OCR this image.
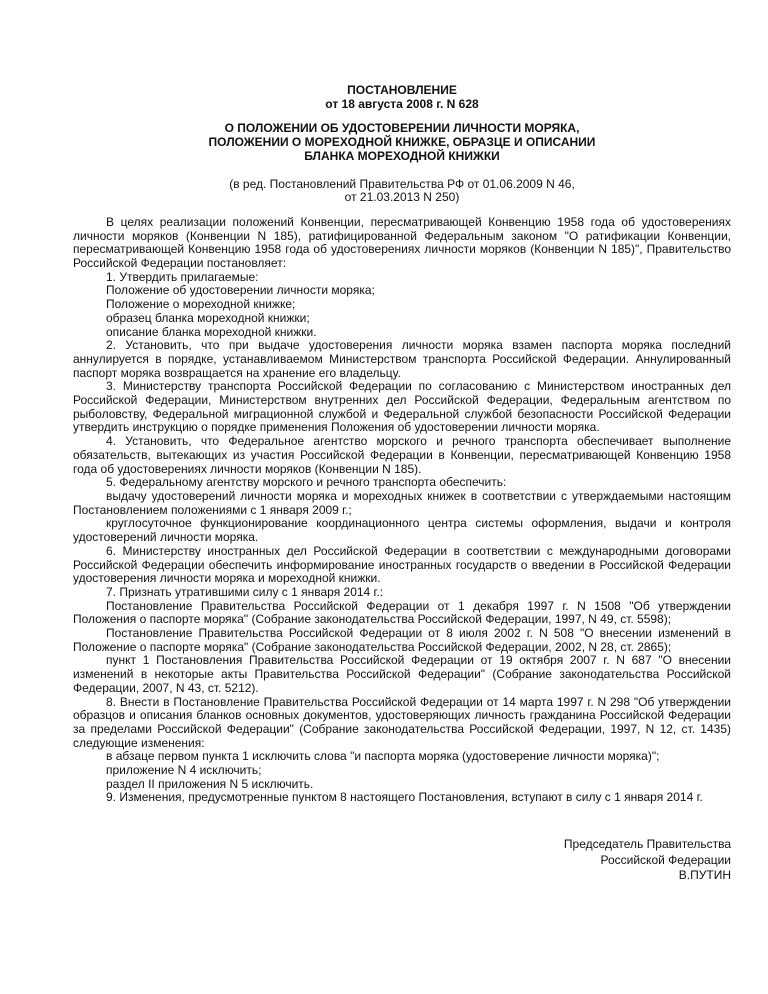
ПОСТАНОВЛЕНИЕ
от 18 августа 2008 г. N 628
О ПОЛОЖЕНИИ ОБ УДОСТОВЕРЕНИИ ЛИЧНОСТИ МОРЯКА,
ПОЛОЖЕНИИ О МОРЕХОДНОЙ КНИЖКЕ, ОБРАЗЦЕ И ОПИСАНИИ
БЛАНКА МОРЕХОДНОЙ КНИЖКИ
(в ред. Постановлений Правительства РФ от 01.06.2009 N 46,
от 21.03.2013 N 250)

В целях реализации положений Конвенции, пересматривающей Конвенцию 1958 года об удостоверениях личности моряков (Конвенции N 185), ратифицированной Федеральным законом "О ратификации Конвенции, пересматривающей Конвенцию 1958 года об удостоверениях личности моряков (Конвенции N 185)", Правительство Российской Федерации постановляет:

1. Утвердить прилагаемые:

Положение об удостоверении личности моряка;

Положение о мореходной книжке;

образец бланка мореходной книжки;

описание бланка мореходной книжки.

2. Установить, что при выдаче удостоверения личности моряка взамен паспорта моряка последний аннулируется в порядке, устанавливаемом Министерством транспорта Российской Федерации. Аннулированный паспорт моряка возвращается на хранение его владельцу.

3. Министерству транспорта Российской Федерации по согласованию с Министерством иностранных дел Российской Федерации, Министерством внутренних дел Российской Федерации, Федеральным агентством по рыболовству, Федеральной миграционной службой и Федеральной службой безопасности Российской Федерации утвердить инструкцию о порядке применения Положения об удостоверении личности моряка.

4. Установить, что Федеральное агентство морского и речного транспорта обеспечивает выполнение обязательств, вытекающих из участия Российской Федерации в Конвенции, пересматривающей Конвенцию 1958 года об удостоверениях личности моряков (Конвенции N 185).

5. Федеральному агентству морского и речного транспорта обеспечить:

выдачу удостоверений личности моряка и мореходных книжек в соответствии с утверждаемыми настоящим Постановлением положениями с 1 января 2009 г.;

круглосуточное функционирование координационного центра системы оформления, выдачи и контроля удостоверений личности моряка.

6. Министерству иностранных дел Российской Федерации в соответствии с международными договорами Российской Федерации обеспечить информирование иностранных государств о введении в Российской Федерации удостоверения личности моряка и мореходной книжки.

7. Признать утратившими силу с 1 января 2014 г.:

Постановление Правительства Российской Федерации от 1 декабря 1997 г. N 1508 "Об утверждении Положения о паспорте моряка" (Собрание законодательства Российской Федерации, 1997, N 49, ст. 5598);

Постановление Правительства Российской Федерации от 8 июля 2002 г. N 508 "О внесении изменений в Положение о паспорте моряка" (Собрание законодательства Российской Федерации, 2002, N 28, ст. 2865);

пункт 1 Постановления Правительства Российской Федерации от 19 октября 2007 г. N 687 "О внесении изменений в некоторые акты Правительства Российской Федерации" (Собрание законодательства Российской Федерации, 2007, N 43, ст. 5212).

8. Внести в Постановление Правительства Российской Федерации от 14 марта 1997 г. N 298 "Об утверждении образцов и описания бланков основных документов, удостоверяющих личность гражданина Российской Федерации за пределами Российской Федерации" (Собрание законодательства Российской Федерации, 1997, N 12, ст. 1435) следующие изменения:

в абзаце первом пункта 1 исключить слова "и паспорта моряка (удостоверение личности моряка)";

приложение N 4 исключить;

раздел II приложения N 5 исключить.

9. Изменения, предусмотренные пунктом 8 настоящего Постановления, вступают в силу с 1 января 2014 г.

Председатель Правительства
Российской Федерации
В.ПУТИН
